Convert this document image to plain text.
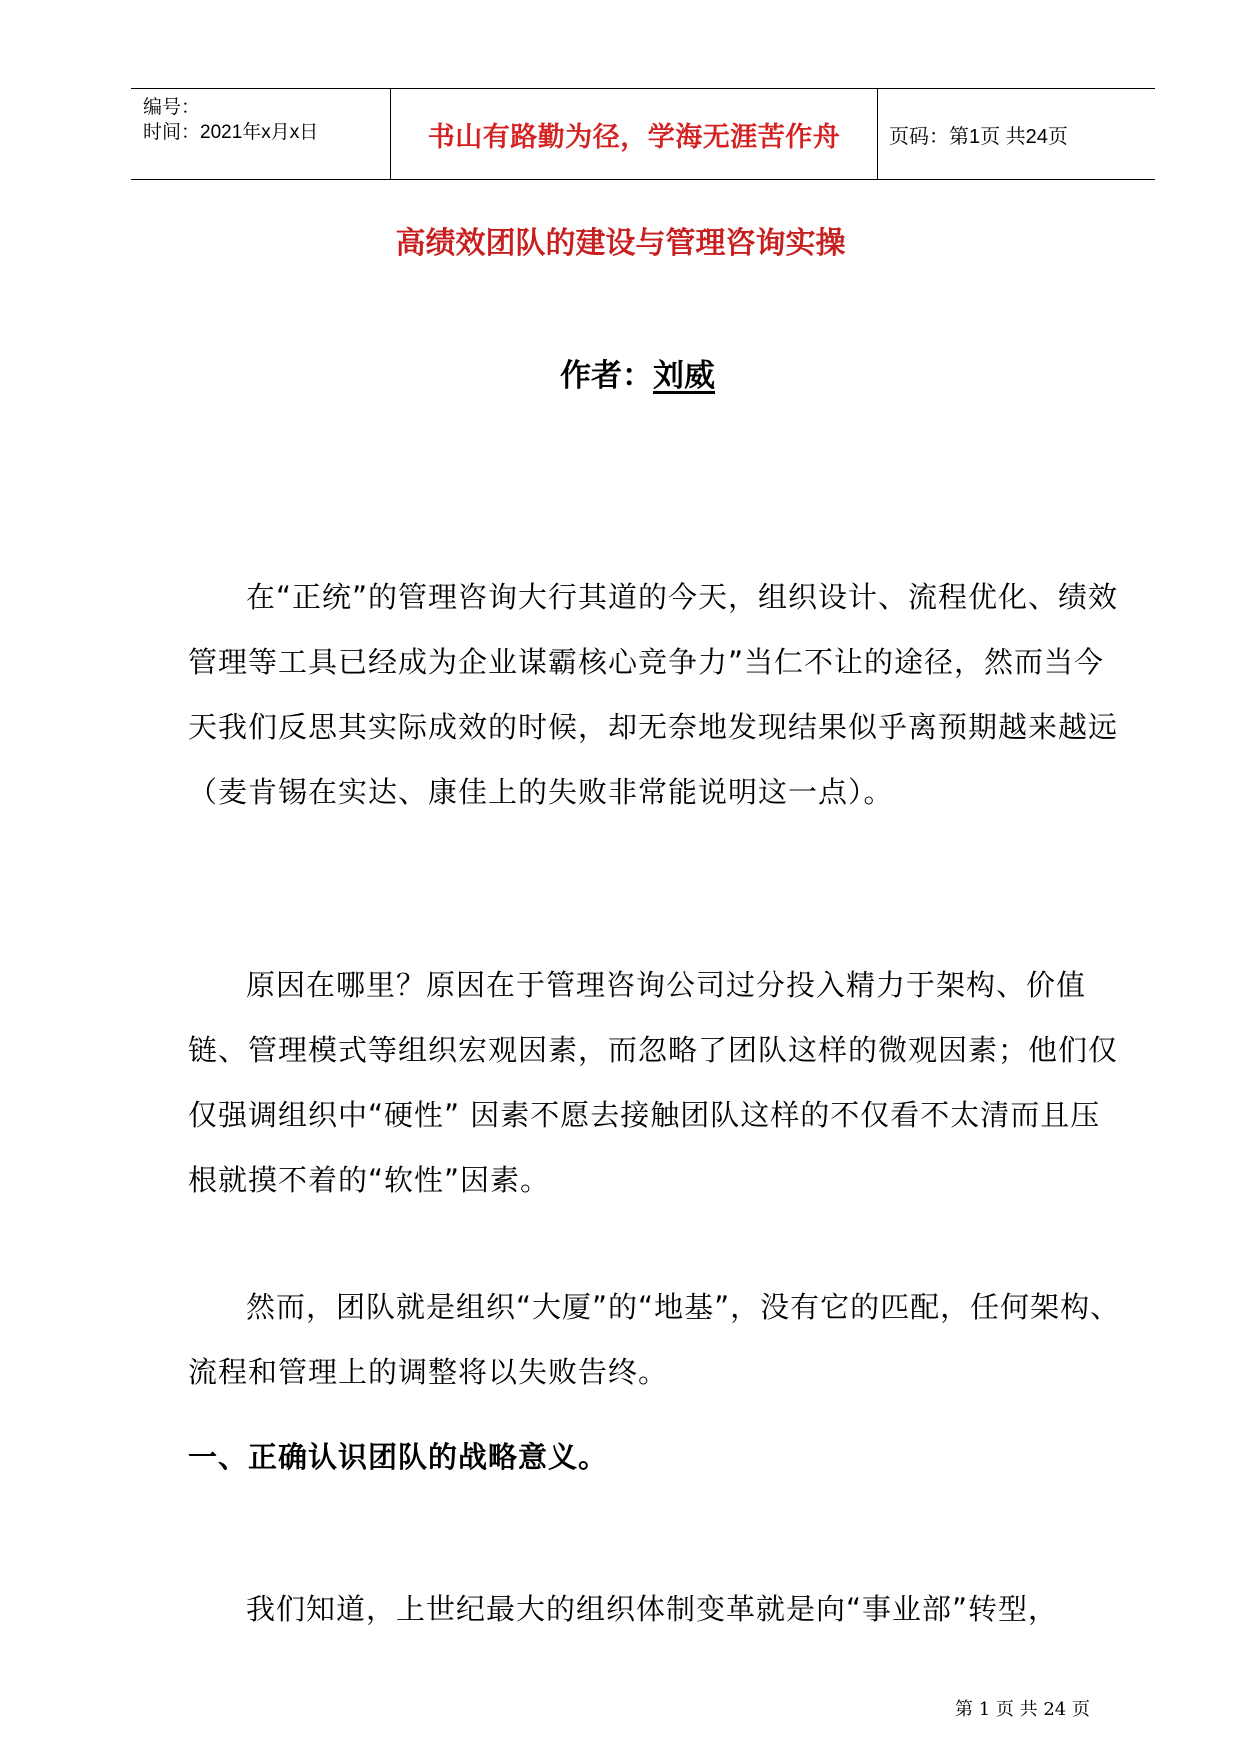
编号：
时间：2021年x月x日	书山有路勤为径，学海无涯苦作舟	页码：第1页 共24页
高绩效团队的建设与管理咨询实操
作者：刘威

在“正统”的管理咨询大行其道的今天，组织设计、流程优化、绩效管理等工具已经成为企业谋霸核心竞争力”当仁不让的途径，然而当今天我们反思其实际成效的时候，却无奈地发现结果似乎离预期越来越远（麦肯锡在实达、康佳上的失败非常能说明这一点）。

原因在哪里？原因在于管理咨询公司过分投入精力于架构、价值链、管理模式等组织宏观因素，而忽略了团队这样的微观因素；他们仅仅强调组织中“硬性” 因素不愿去接触团队这样的不仅看不太清而且压根就摸不着的“软性”因素。

然而，团队就是组织“大厦”的“地基”，没有它的匹配，任何架构、流程和管理上的调整将以失败告终。

一、正确认识团队的战略意义。

我们知道，上世纪最大的组织体制变革就是向“事业部”转型，

第 1 页 共 24 页
